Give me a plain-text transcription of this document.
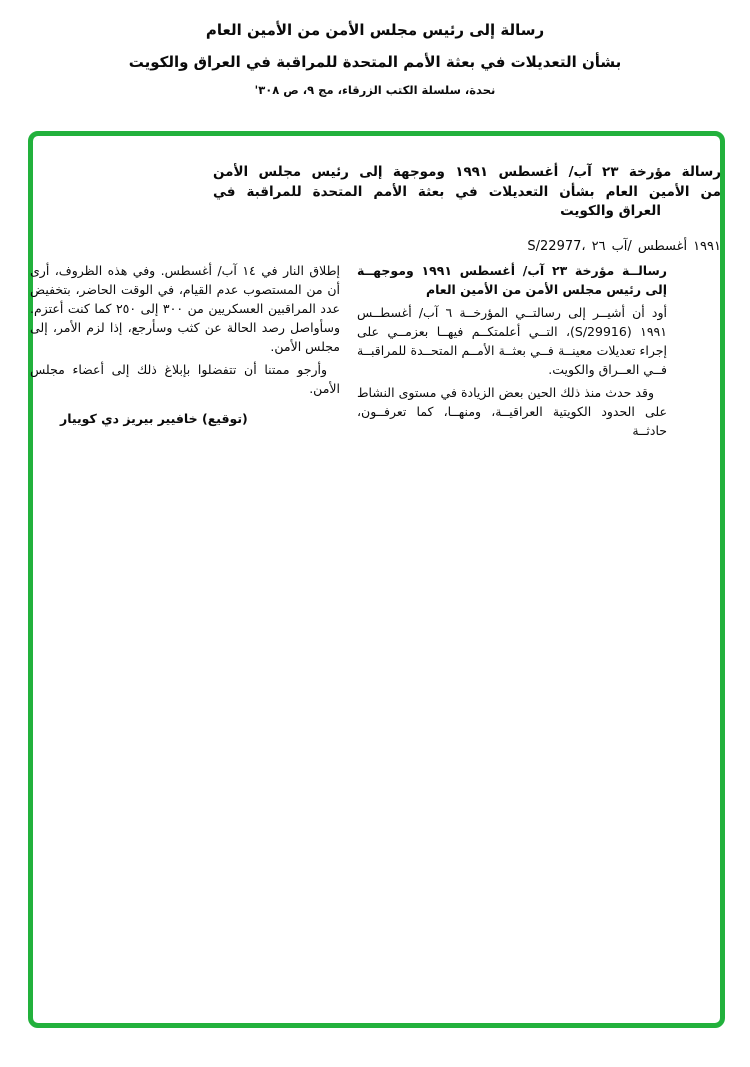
رسالة إلى رئيس مجلس الأمن من الأمين العام
بشأن التعديلات في بعثة الأمم المتحدة للمراقبة في العراق والكويت
نحدة، سلسلة الكتب الزرقاء، مج ٩، ص ٣٠٨'
رسالة مؤرخة ٢٣ آب/ أغسطس ١٩٩١ وموجهة إلى رئيس مجلس الأمن
من الأمين العام بشأن التعديلات في بعثة الأمم المتحدة للمراقبة في
العراق والكويت
S/22977، ٢٦ آب/ أغسطس ١٩٩١

إطلاق النار في ١٤ آب/ أغسطس. وفي هذه الظروف، أرى أن من المستصوب عدم القيام، في الوقت الحاضر، بتخفيض عدد المراقبين العسكريين من ٣٠٠ إلى ٢٥٠ كما كنت أعتزم. وسأواصل رصد الحالة عن كثب وسأرجع، إذا لزم الأمر، إلى مجلس الأمن.

وأرجو ممتنا أن تتفضلوا بإبلاغ ذلك إلى أعضاء مجلس الأمن.

(توقيع) خافيير بيريز دي كوييار

رسالــة مؤرخة ٢٣ آب/ أغسطس ١٩٩١ وموجهــة إلى رئيس مجلس الأمن من الأمين العام

أود أن أشيــر إلى رسالتــي المؤرخــة ٦ آب/ أغسطــس ١٩٩١ (S/29916)، التــي أعلمتكــم فيهــا بعزمــي على إجراء تعديلات معينــة فــي بعثــة الأمــم المتحــدة للمراقبــة فــي العــراق والكويت.

وقد حدث منذ ذلك الحين بعض الزيادة في مستوى النشاط على الحدود الكويتية العراقيــة، ومنهــا، كما تعرفــون، حادثــة
